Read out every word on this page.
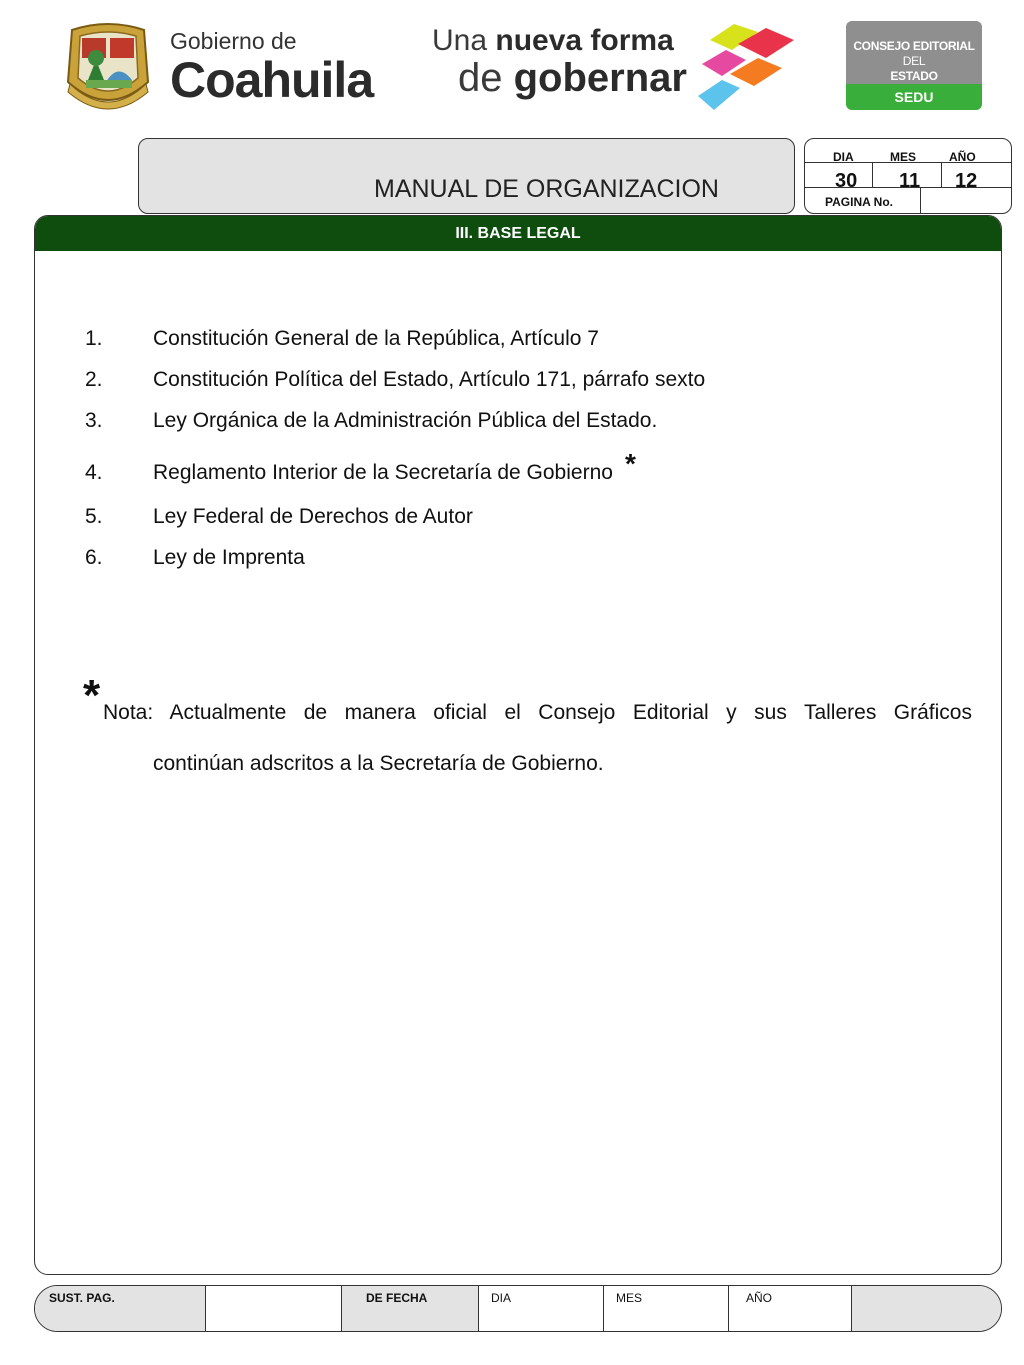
Gobierno de
Coahuila
Una nueva forma
de gobernar
CONSEJO EDITORIAL
DEL
ESTADO
SEDU
MANUAL DE ORGANIZACION
DIA	MES	AÑO
30 11 12
PAGINA No.
III. BASE LEGAL
1. Constitución General de la República, Artículo 7
2. Constitución Política del Estado, Artículo 171, párrafo sexto
3. Ley Orgánica de la Administración Pública del Estado.
4. Reglamento Interior de la Secretaría de Gobierno *
5. Ley Federal de Derechos de Autor
6. Ley de Imprenta
* Nota: Actualmente de manera oficial el Consejo Editorial y sus Talleres Gráficos
continúan adscritos a la Secretaría de Gobierno.
SUST. PAG.	DE FECHA	DIA	MES	AÑO
